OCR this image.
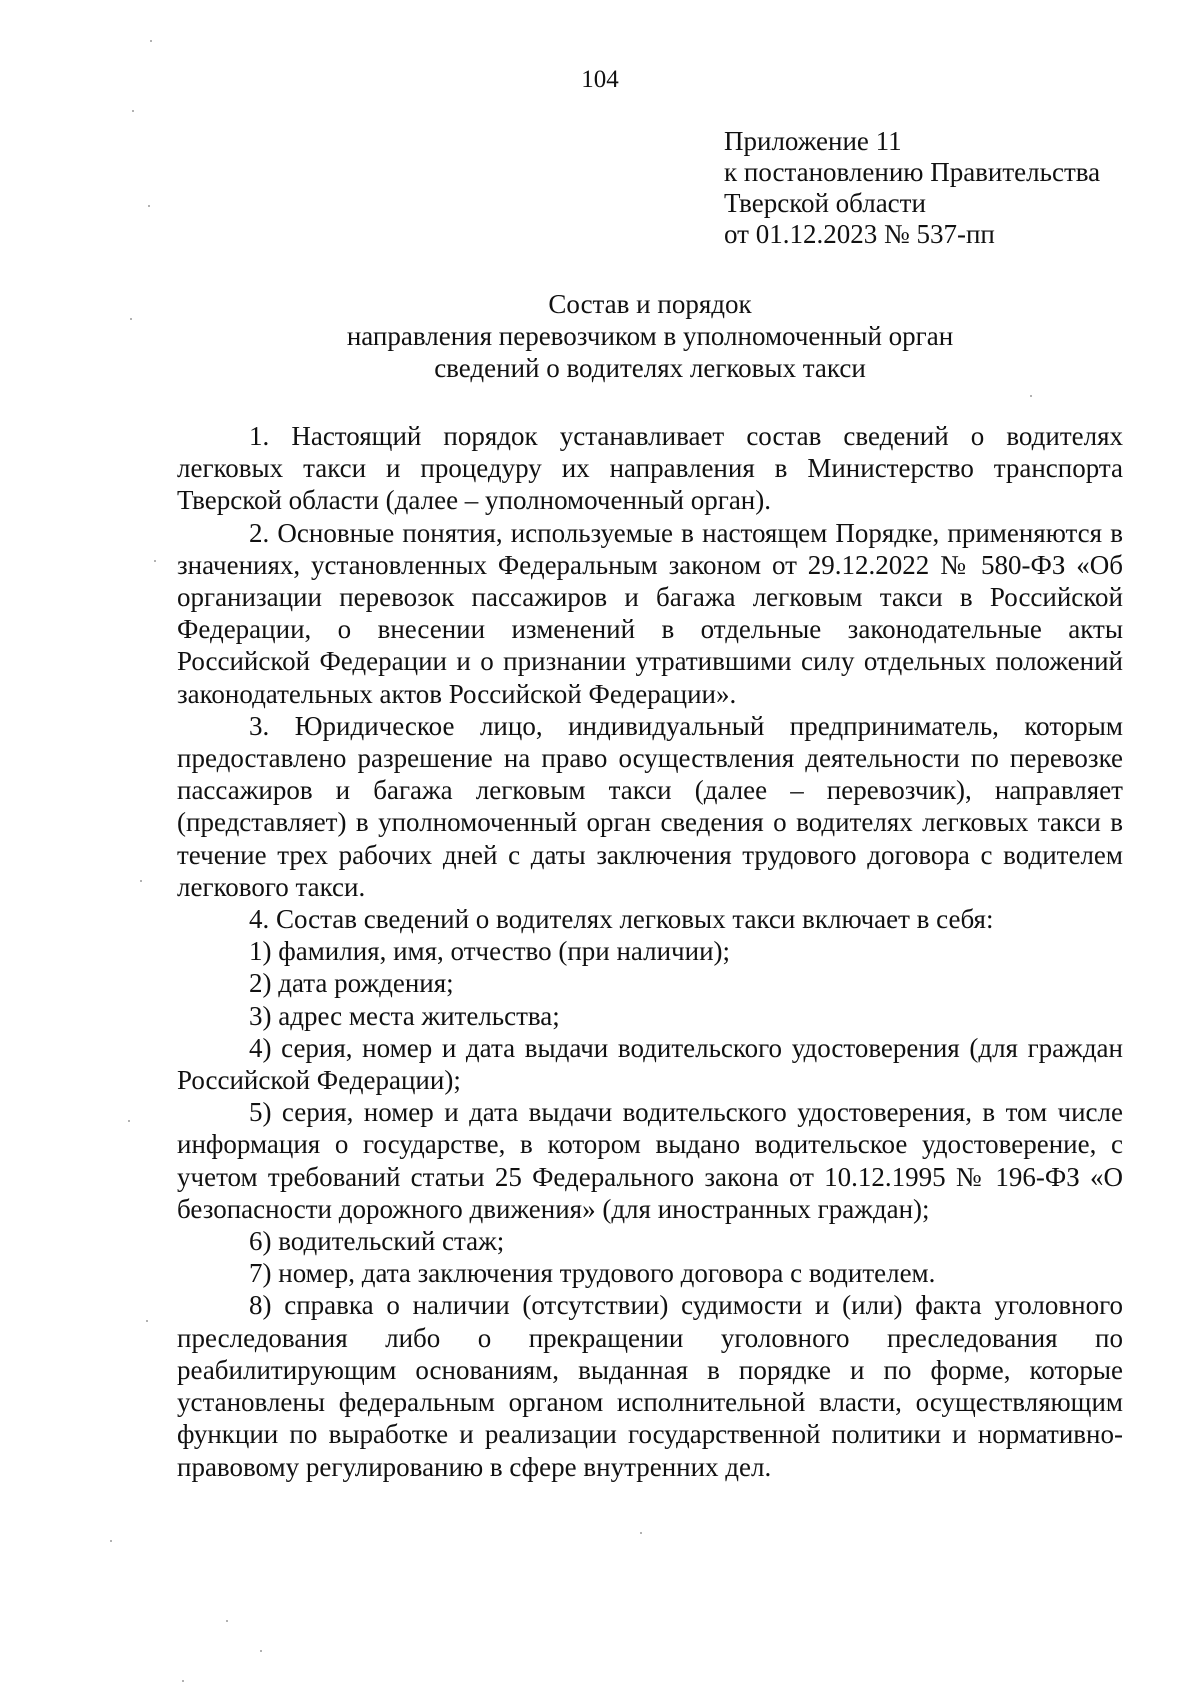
104
Приложение 11
к постановлению Правительства
Тверской области
от 01.12.2023 № 537-пп
Состав и порядок
направления перевозчиком в уполномоченный орган
сведений о водителях легковых такси

1. Настоящий порядок устанавливает состав сведений о водителях легковых такси и процедуру их направления в Министерство транспорта Тверской области (далее – уполномоченный орган).

2. Основные понятия, используемые в настоящем Порядке, применяются в значениях, установленных Федеральным законом от 29.12.2022 № 580-ФЗ «Об организации перевозок пассажиров и багажа легковым такси в Российской Федерации, о внесении изменений в отдельные законодательные акты Российской Федерации и о признании утратившими силу отдельных положений законодательных актов Российской Федерации».

3. Юридическое лицо, индивидуальный предприниматель, которым предоставлено разрешение на право осуществления деятельности по перевозке пассажиров и багажа легковым такси (далее – перевозчик), направляет (представляет) в уполномоченный орган сведения о водителях легковых такси в течение трех рабочих дней с даты заключения трудового договора с водителем легкового такси.

4. Состав сведений о водителях легковых такси включает в себя:

1) фамилия, имя, отчество (при наличии);

2) дата рождения;

3) адрес места жительства;

4) серия, номер и дата выдачи водительского удостоверения (для граждан Российской Федерации);

5) серия, номер и дата выдачи водительского удостоверения, в том числе информация о государстве, в котором выдано водительское удостоверение, с учетом требований статьи 25 Федерального закона от 10.12.1995 № 196-ФЗ «О безопасности дорожного движения» (для иностранных граждан);

6) водительский стаж;

7) номер, дата заключения трудового договора с водителем.

8) справка о наличии (отсутствии) судимости и (или) факта уголовного преследования либо о прекращении уголовного преследования по реабилитирующим основаниям, выданная в порядке и по форме, которые установлены федеральным органом исполнительной власти, осуществляющим функции по выработке и реализации государственной политики и нормативно-правовому регулированию в сфере внутренних дел.
